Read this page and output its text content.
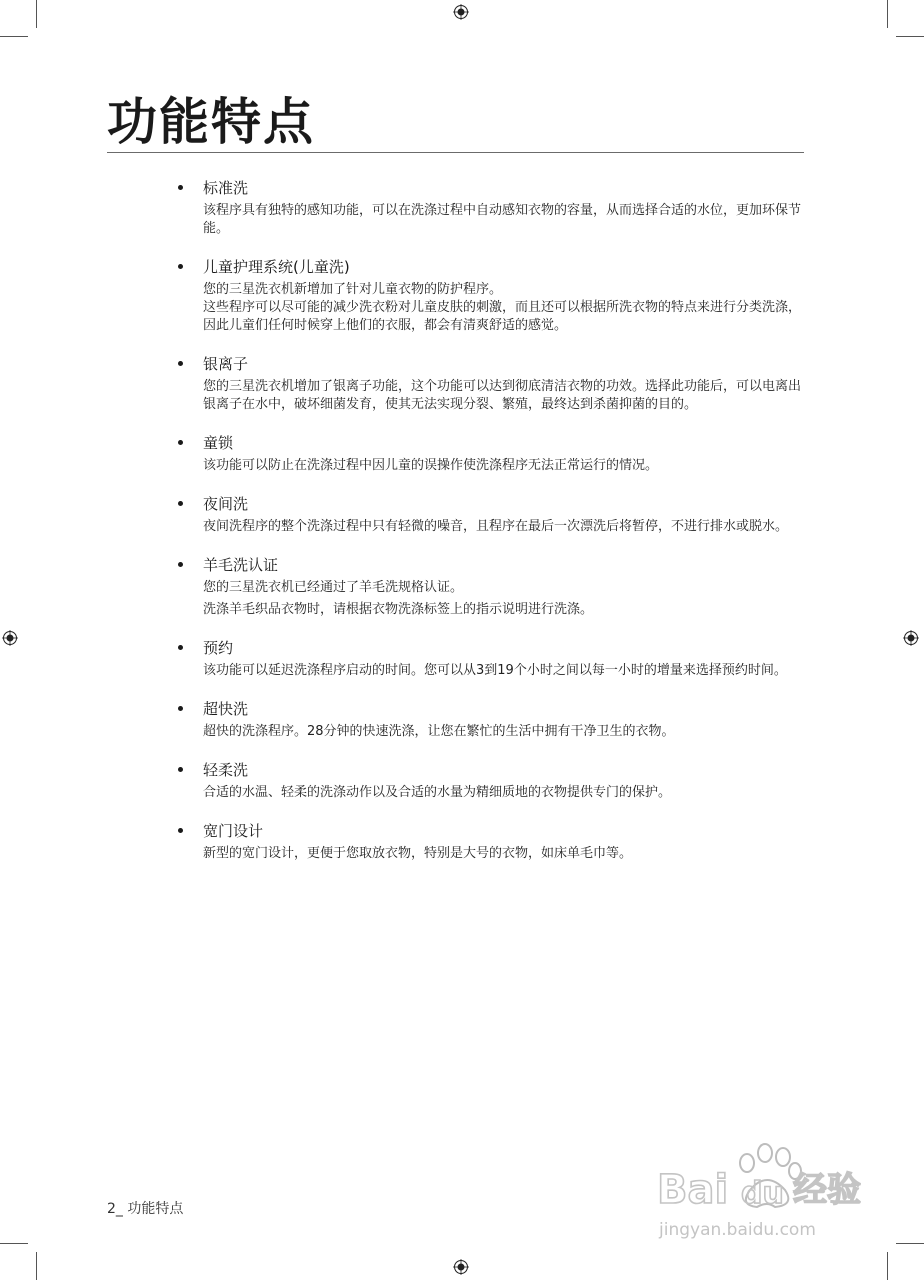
功能特点
标准洗

该程序具有独特的感知功能，可以在洗涤过程中自动感知衣物的容量，从而选择合适的水位，更加环保节能。

儿童护理系统(儿童洗)

您的三星洗衣机新增加了针对儿童衣物的防护程序。

这些程序可以尽可能的减少洗衣粉对儿童皮肤的刺激，而且还可以根据所洗衣物的特点来进行分类洗涤，因此儿童们任何时候穿上他们的衣服，都会有清爽舒适的感觉。

银离子

您的三星洗衣机增加了银离子功能，这个功能可以达到彻底清洁衣物的功效。选择此功能后，可以电离出银离子在水中，破坏细菌发育，使其无法实现分裂、繁殖，最终达到杀菌抑菌的目的。

童锁

该功能可以防止在洗涤过程中因儿童的误操作使洗涤程序无法正常运行的情况。

夜间洗

夜间洗程序的整个洗涤过程中只有轻微的噪音，且程序在最后一次漂洗后将暂停，不进行排水或脱水。

羊毛洗认证

您的三星洗衣机已经通过了羊毛洗规格认证。

洗涤羊毛织品衣物时，请根据衣物洗涤标签上的指示说明进行洗涤。

预约

该功能可以延迟洗涤程序启动的时间。您可以从3到19个小时之间以每一小时的增量来选择预约时间。

超快洗

超快的洗涤程序。28分钟的快速洗涤，让您在繁忙的生活中拥有干净卫生的衣物。

轻柔洗

合适的水温、轻柔的洗涤动作以及合适的水量为精细质地的衣物提供专门的保护。

宽门设计

新型的宽门设计，更便于您取放衣物，特别是大号的衣物，如床单毛巾等。

2_ 功能特点	Bai du 经验
jingyan.baidu.com
